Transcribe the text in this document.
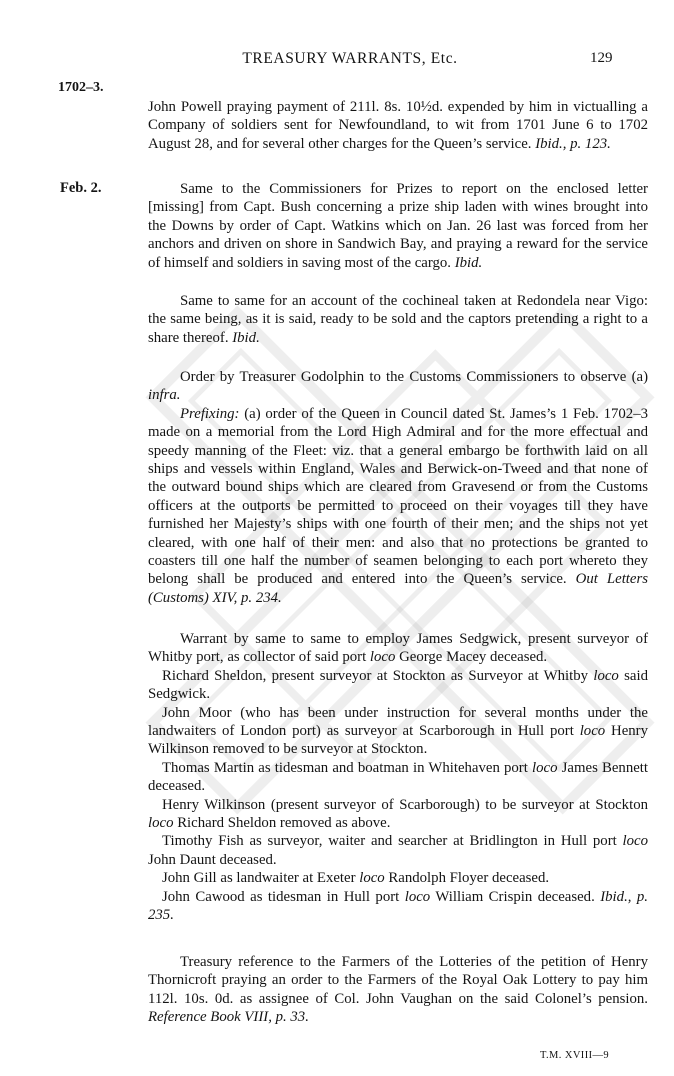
TREASURY WARRANTS, Etc.	129
1702–3.

John Powell praying payment of 211l. 8s. 10½d. expended by him in victualling a Company of soldiers sent for Newfoundland, to wit from 1701 June 6 to 1702 August 28, and for several other charges for the Queen’s service. Ibid., p. 123.

Feb. 2.	Same to the Commissioners for Prizes to report on the enclosed letter [missing] from Capt. Bush concerning a prize ship laden with wines brought into the Downs by order of Capt. Watkins which on Jan. 26 last was forced from her anchors and driven on shore in Sandwich Bay, and praying a reward for the service of himself and soldiers in saving most of the cargo. Ibid.

Same to same for an account of the cochineal taken at Redondela near Vigo: the same being, as it is said, ready to be sold and the captors pretending a right to a share thereof. Ibid.

Order by Treasurer Godolphin to the Customs Commissioners to observe (a) infra.

Prefixing: (a) order of the Queen in Council dated St. James’s 1 Feb. 1702–3 made on a memorial from the Lord High Admiral and for the more effectual and speedy manning of the Fleet: viz. that a general embargo be forthwith laid on all ships and vessels within England, Wales and Berwick-on-Tweed and that none of the outward bound ships which are cleared from Gravesend or from the Customs officers at the outports be permitted to proceed on their voyages till they have furnished her Majesty’s ships with one fourth of their men; and the ships not yet cleared, with one half of their men: and also that no protections be granted to coasters till one half the number of seamen belonging to each port whereto they belong shall be produced and entered into the Queen’s service. Out Letters (Customs) XIV, p. 234.

Warrant by same to same to employ James Sedgwick, present surveyor of Whitby port, as collector of said port loco George Macey deceased.

Richard Sheldon, present surveyor at Stockton as Surveyor at Whitby loco said Sedgwick.

John Moor (who has been under instruction for several months under the landwaiters of London port) as surveyor at Scarborough in Hull port loco Henry Wilkinson removed to be surveyor at Stockton.

Thomas Martin as tidesman and boatman in Whitehaven port loco James Bennett deceased.

Henry Wilkinson (present surveyor of Scarborough) to be surveyor at Stockton loco Richard Sheldon removed as above.

Timothy Fish as surveyor, waiter and searcher at Bridlington in Hull port loco John Daunt deceased.

John Gill as landwaiter at Exeter loco Randolph Floyer deceased.

John Cawood as tidesman in Hull port loco William Crispin deceased. Ibid., p. 235.

Treasury reference to the Farmers of the Lotteries of the petition of Henry Thornicroft praying an order to the Farmers of the Royal Oak Lottery to pay him 112l. 10s. 0d. as assignee of Col. John Vaughan on the said Colonel’s pension. Reference Book VIII, p. 33.

T.M. XVIII—9
